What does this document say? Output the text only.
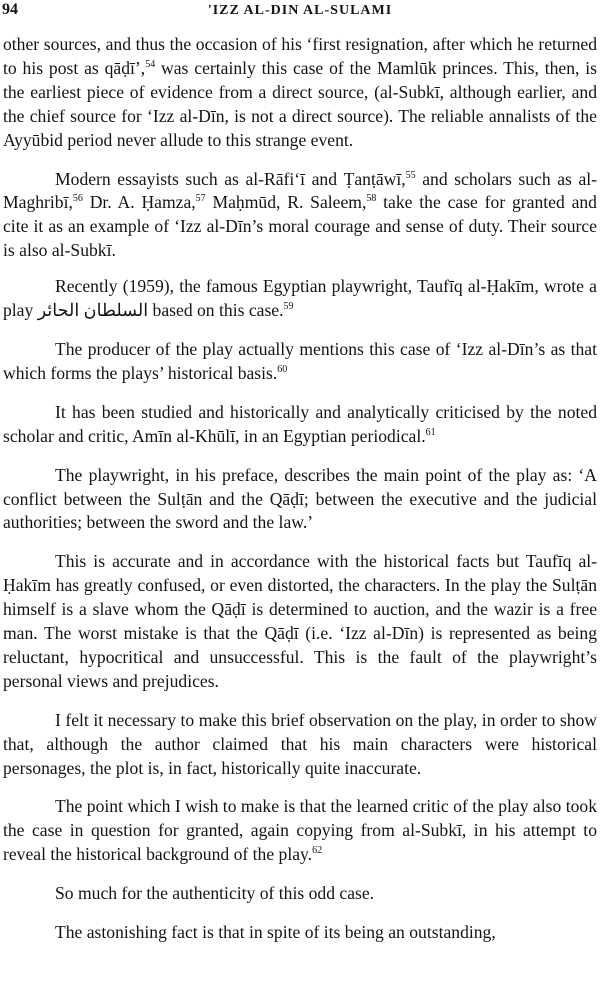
94	'IZZ AL-DIN AL-SULAMI

other sources, and thus the occasion of his ‘first resignation, after which he returned to his post as qāḍī’,$^{54}$ was certainly this case of the Mamlūk princes. This, then, is the earliest piece of evidence from a direct source, (al-Subkī, although earlier, and the chief source for ‘Izz al-Dīn, is not a direct source). The reliable annalists of the Ayyūbid period never allude to this strange event.

Modern essayists such as al-Rāfi‘ī and Ṭanṭāwī,$^{55}$ and scholars such as al-Maghribī,$^{56}$ Dr. A. Ḥamza,$^{57}$ Maḥmūd, R. Saleem,$^{58}$ take the case for granted and cite it as an example of ‘Izz al-Dīn’s moral courage and sense of duty. Their source is also al-Subkī.

Recently (1959), the famous Egyptian playwright, Taufīq al-Ḥakīm, wrote a play السلطان الحائر based on this case.$^{59}$

The producer of the play actually mentions this case of ‘Izz al-Dīn’s as that which forms the plays’ historical basis.$^{60}$

It has been studied and historically and analytically criticised by the noted scholar and critic, Amīn al-Khūlī, in an Egyptian periodical.$^{61}$

The playwright, in his preface, describes the main point of the play as: ‘A conflict between the Sulṭān and the Qāḍī; between the executive and the judicial authorities; between the sword and the law.’

This is accurate and in accordance with the historical facts but Taufīq al-Ḥakīm has greatly confused, or even distorted, the characters. In the play the Sulṭān himself is a slave whom the Qāḍī is determined to auction, and the wazir is a free man. The worst mistake is that the Qāḍī (i.e. ‘Izz al-Dīn) is represented as being reluctant, hypocritical and unsuccessful. This is the fault of the playwright’s personal views and prejudices.

I felt it necessary to make this brief observation on the play, in order to show that, although the author claimed that his main characters were historical personages, the plot is, in fact, historically quite inaccurate.

The point which I wish to make is that the learned critic of the play also took the case in question for granted, again copying from al-Subkī, in his attempt to reveal the historical background of the play.$^{62}$

So much for the authenticity of this odd case.

The astonishing fact is that in spite of its being an outstanding,
